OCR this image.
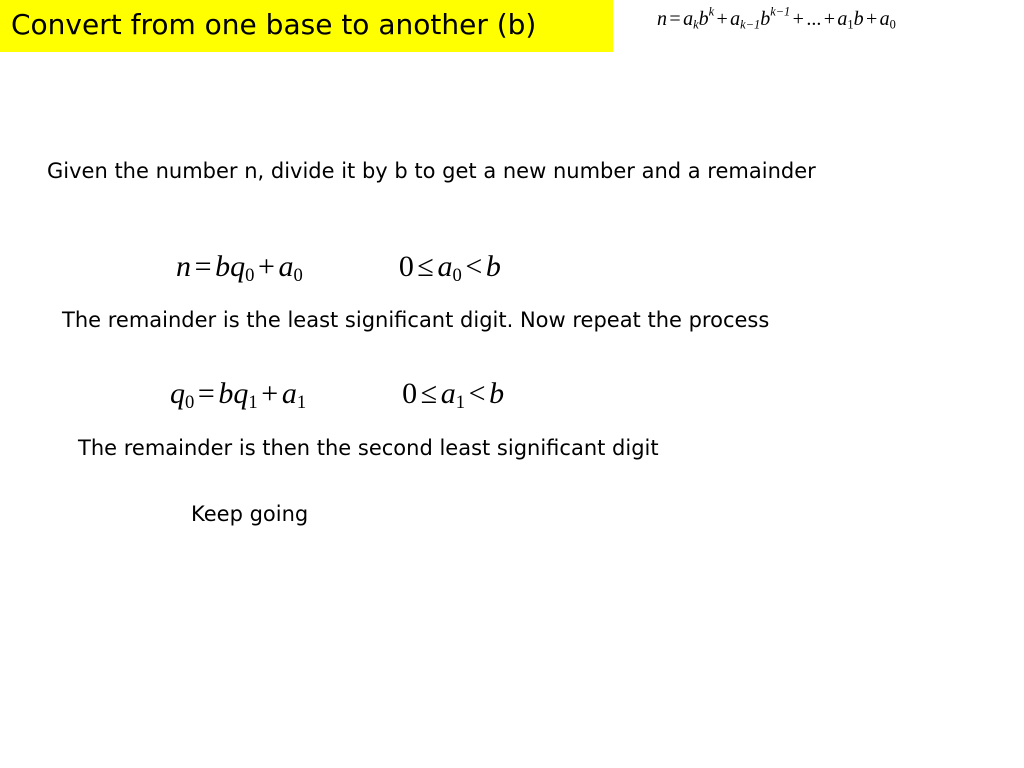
Convert from one base to another (b)	$n = a_kb^k + a_{k-1}b^{k-1}$ + ... + $a_1b + a_0$

Given the number n, divide it by b to get a new number and a remainder

$n = bq_0 + a_0$	$0 \le a_0 < b$

The remainder is the least significant digit. Now repeat the process

$q_0 = bq_1 + a_1$	$0 \le a_1 < b$

The remainder is then the second least significant digit

Keep going
